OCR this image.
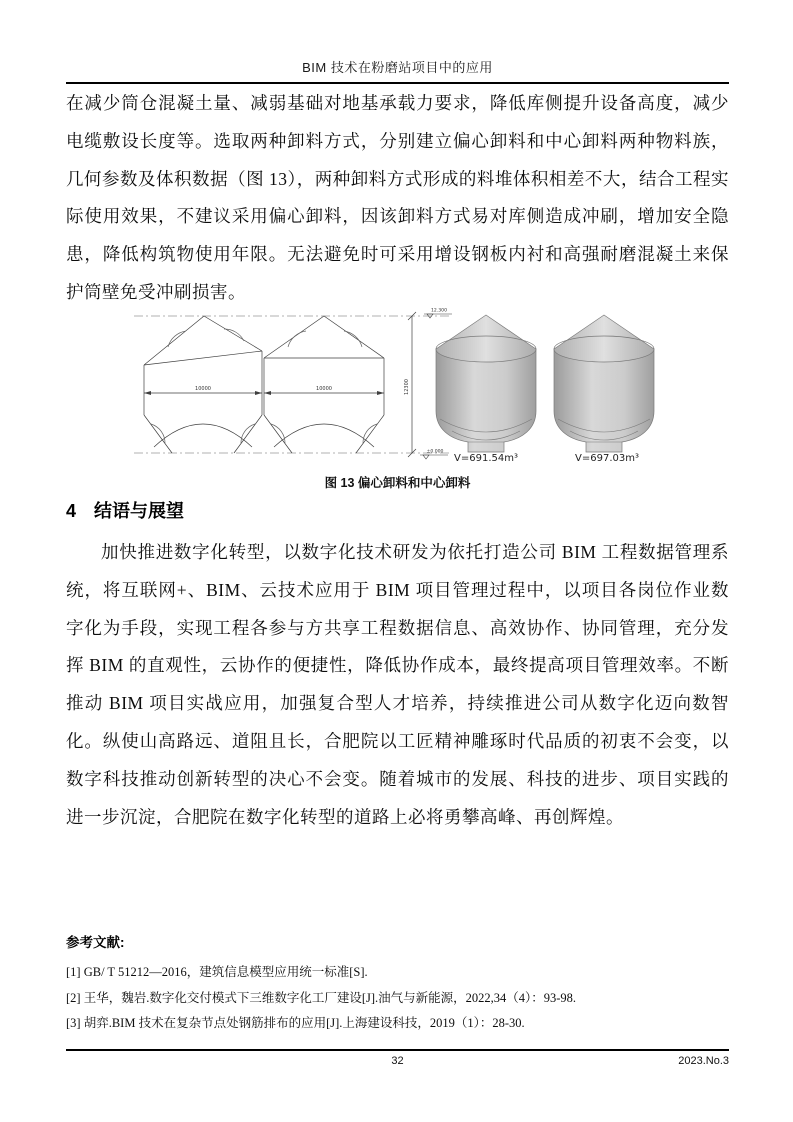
BIM 技术在粉磨站项目中的应用
在减少筒仓混凝土量、减弱基础对地基承载力要求，降低库侧提升设备高度，减少电缆敷设长度等。选取两种卸料方式，分别建立偏心卸料和中心卸料两种物料族，几何参数及体积数据（图 13），两种卸料方式形成的料堆体积相差不大，结合工程实际使用效果，不建议采用偏心卸料，因该卸料方式易对库侧造成冲刷，增加安全隐患，降低构筑物使用年限。无法避免时可采用增设钢板内衬和高强耐磨混凝土来保护筒壁免受冲刷损害。
10000	10000	12300
12.300
±0.000
V=691.54m³	V=697.03m³
图 13 偏心卸料和中心卸料
4 结语与展望
加快推进数字化转型，以数字化技术研发为依托打造公司 BIM 工程数据管理系统，将互联网+、BIM、云技术应用于 BIM 项目管理过程中，以项目各岗位作业数字化为手段，实现工程各参与方共享工程数据信息、高效协作、协同管理，充分发挥 BIM 的直观性，云协作的便捷性，降低协作成本，最终提高项目管理效率。不断推动 BIM 项目实战应用，加强复合型人才培养，持续推进公司从数字化迈向数智化。纵使山高路远、道阻且长，合肥院以工匠精神雕琢时代品质的初衷不会变，以数字科技推动创新转型的决心不会变。随着城市的发展、科技的进步、项目实践的进一步沉淀，合肥院在数字化转型的道路上必将勇攀高峰、再创辉煌。
参考文献:
[1] GB/ T 51212—2016，建筑信息模型应用统一标准[S].
[2] 王华，魏岩.数字化交付模式下三维数字化工厂建设[J].油气与新能源，2022,34（4）：93-98.
[3] 胡弈.BIM 技术在复杂节点处钢筋排布的应用[J].上海建设科技，2019（1）：28-30.
32	2023.No.3
